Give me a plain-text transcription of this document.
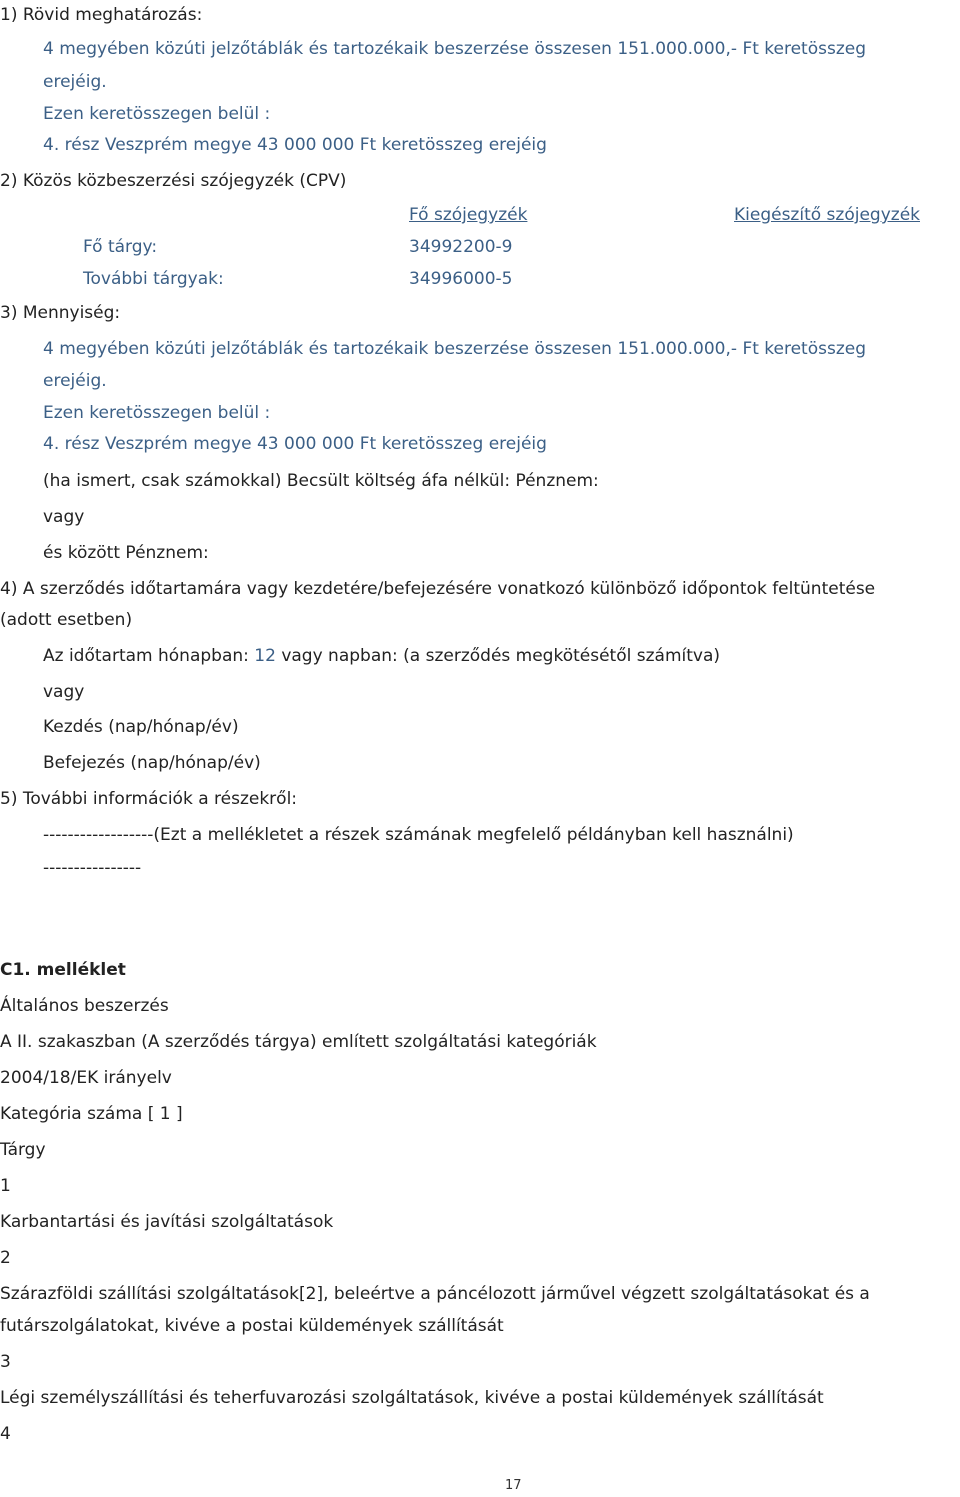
1) Rövid meghatározás:
4 megyében közúti jelzőtáblák és tartozékaik beszerzése összesen 151.000.000,- Ft keretösszeg
erejéig.
Ezen keretösszegen belül :
4. rész Veszprém megye 43 000 000 Ft keretösszeg erejéig
2) Közös közbeszerzési szójegyzék (CPV)
Fő szójegyzék	Kiegészítő szójegyzék
Fő tárgy:	34992200-9
További tárgyak:	34996000-5
3) Mennyiség:
4 megyében közúti jelzőtáblák és tartozékaik beszerzése összesen 151.000.000,- Ft keretösszeg
erejéig.
Ezen keretösszegen belül :
4. rész Veszprém megye 43 000 000 Ft keretösszeg erejéig
(ha ismert, csak számokkal) Becsült költség áfa nélkül: Pénznem:
vagy
és között Pénznem:
4) A szerződés időtartamára vagy kezdetére/befejezésére vonatkozó különböző időpontok feltüntetése
(adott esetben)
Az időtartam hónapban: 12 vagy napban: (a szerződés megkötésétől számítva)
vagy
Kezdés (nap/hónap/év)
Befejezés (nap/hónap/év)
5) További információk a részekről:
------------------(Ezt a mellékletet a részek számának megfelelő példányban kell használni)
----------------
C1. melléklet
Általános beszerzés
A II. szakaszban (A szerződés tárgya) említett szolgáltatási kategóriák
2004/18/EK irányelv
Kategória száma [ 1 ]
Tárgy
1
Karbantartási és javítási szolgáltatások
2
Szárazföldi szállítási szolgáltatások[2], beleértve a páncélozott járművel végzett szolgáltatásokat és a
futárszolgálatokat, kivéve a postai küldemények szállítását
3
Légi személyszállítási és teherfuvarozási szolgáltatások, kivéve a postai küldemények szállítását
4
17
